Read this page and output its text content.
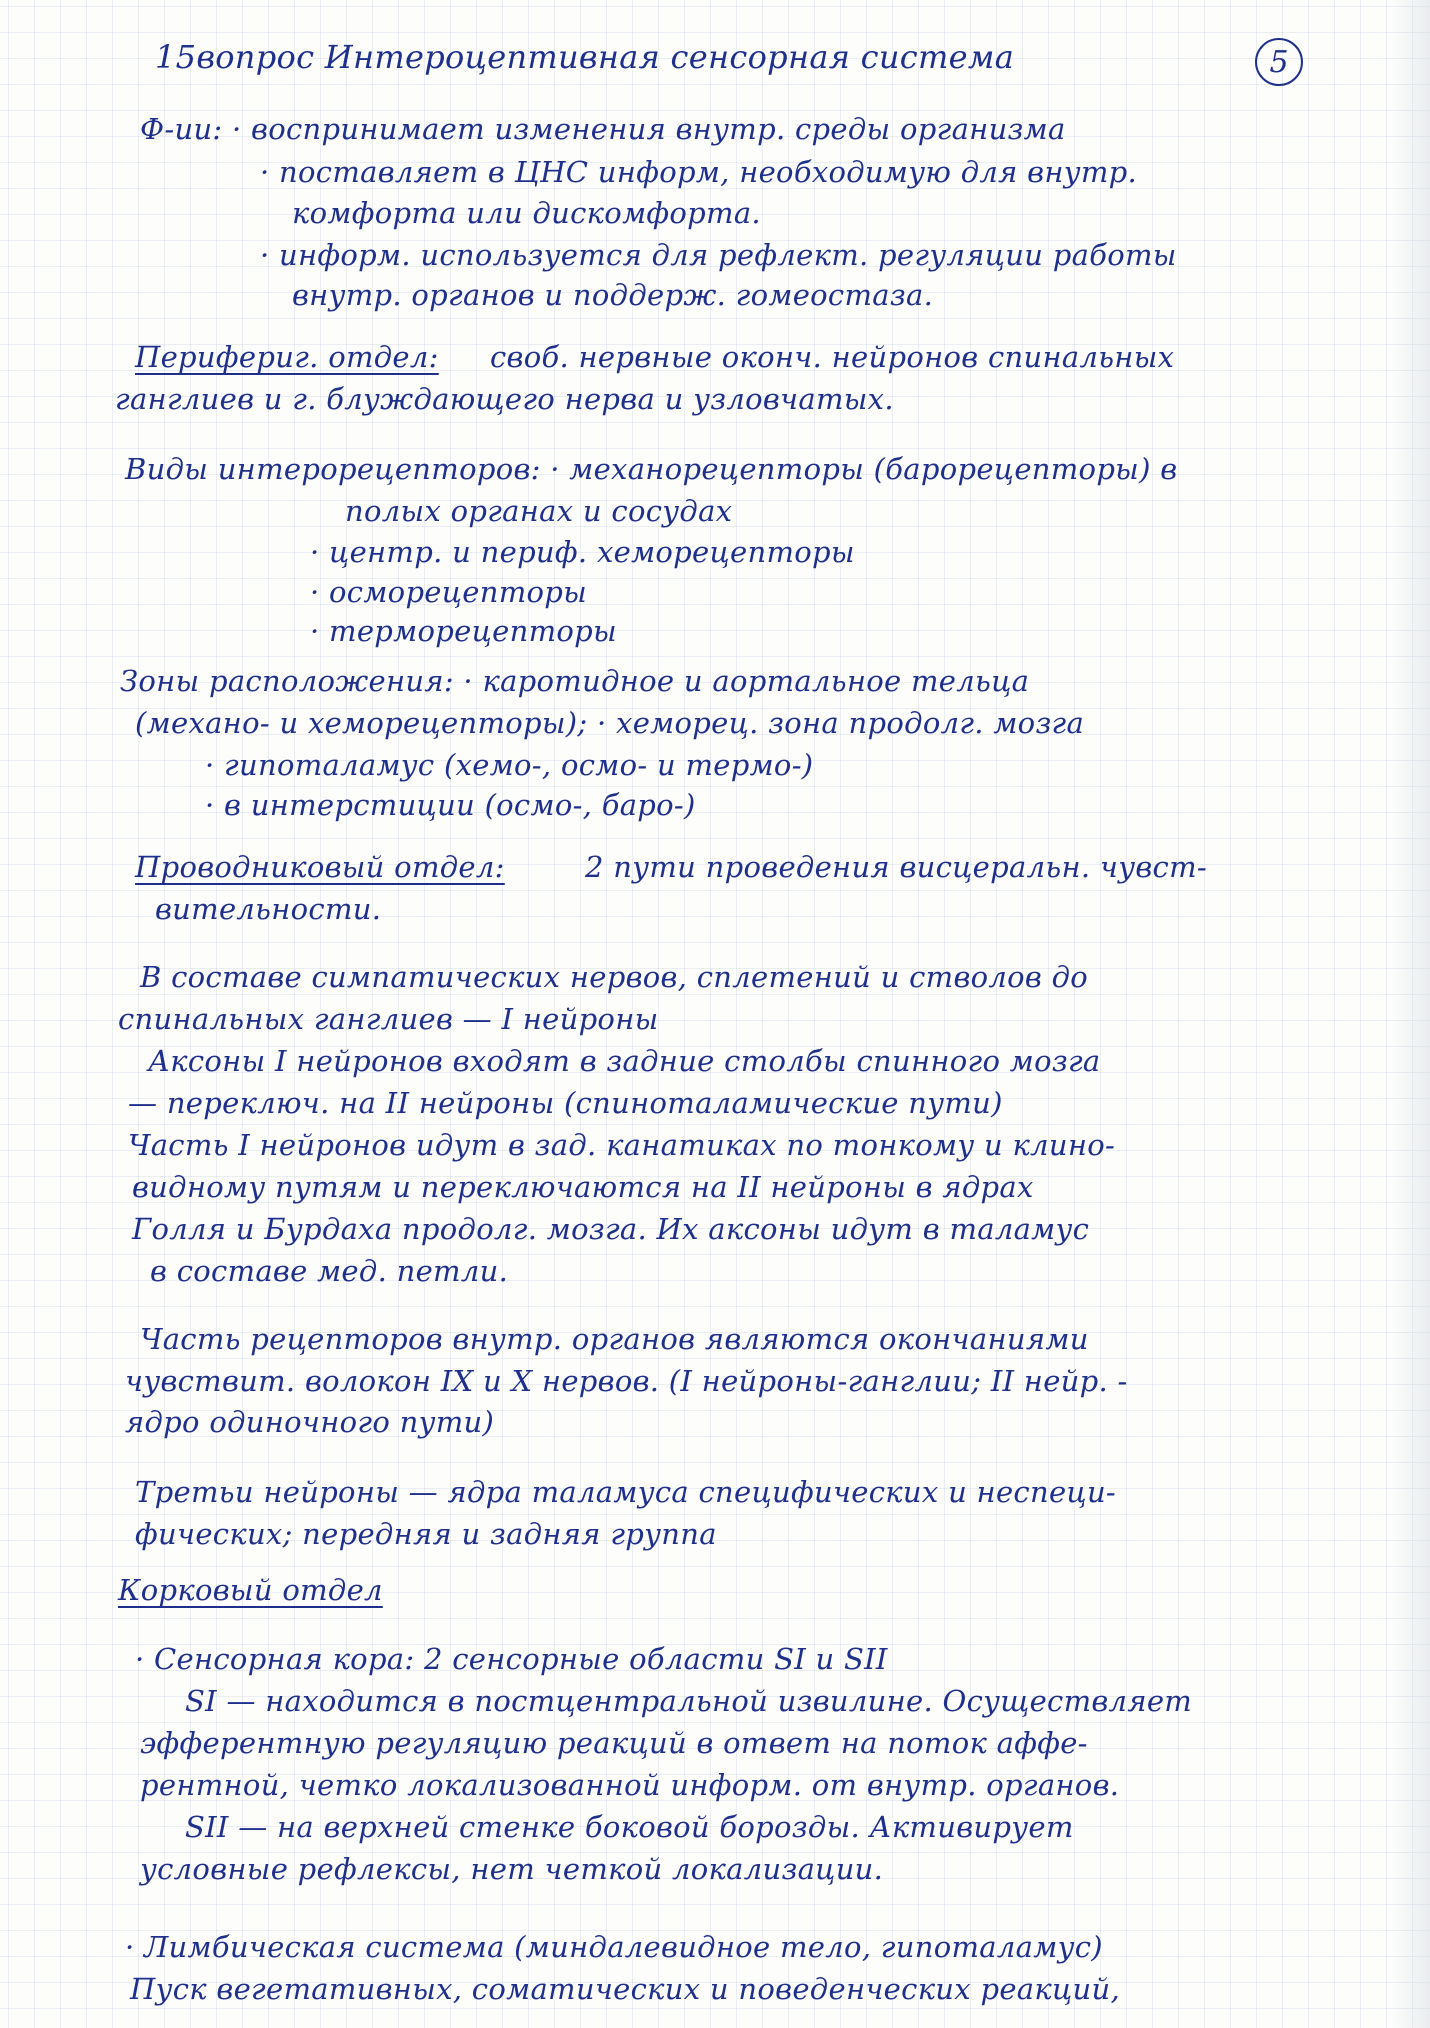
5
15вопрос Интероцептивная сенсорная система
Ф-ии: · воспринимает изменения внутр. среды организма
· поставляет в ЦНС информ, необходимую для внутр.
комфорта или дискомфорта.
· информ. используется для рефлект. регуляции работы
внутр. органов и поддерж. гомеостаза.
Перифериг. отдел: своб. нервные оконч. нейронов спинальных
ганглиев и г. блуждающего нерва и узловчатых.
Виды интерорецепторов: · механорецепторы (барорецепторы) в
полых органах и сосудах
· центр. и периф. хеморецепторы
· осморецепторы
· терморецепторы
Зоны расположения: · каротидное и аортальное тельца
(механо- и хеморецепторы); · хеморец. зона продолг. мозга
· гипоталамус (хемо-, осмо- и термо-)
· в интерстиции (осмо-, баро-)
Проводниковый отдел:	2 пути проведения висцеральн. чувст-
вительности.
В составе симпатических нервов, сплетений и стволов до
спинальных ганглиев — I нейроны
Аксоны I нейронов входят в задние столбы спинного мозга
— переключ. на II нейроны (спиноталамические пути)
Часть I нейронов идут в зад. канатиках по тонкому и клино-
видному путям и переключаются на II нейроны в ядрах
Голля и Бурдаха продолг. мозга. Их аксоны идут в таламус
в составе мед. петли.
Часть рецепторов внутр. органов являются окончаниями
чувствит. волокон IX и X нервов. (I нейроны-ганглии; II нейр. -
ядро одиночного пути)
Третьи нейроны — ядра таламуса специфических и неспеци-
фических; передняя и задняя группа
Корковый отдел
· Сенсорная кора: 2 сенсорные области SI и SII
SI — находится в постцентральной извилине. Осуществляет
эфферентную регуляцию реакций в ответ на поток аффе-
рентной, четко локализованной информ. от внутр. органов.
SII — на верхней стенке боковой борозды. Активирует
условные рефлексы, нет четкой локализации.
· Лимбическая система (миндалевидное тело, гипоталамус)
Пуск вегетативных, соматических и поведенческих реакций,
